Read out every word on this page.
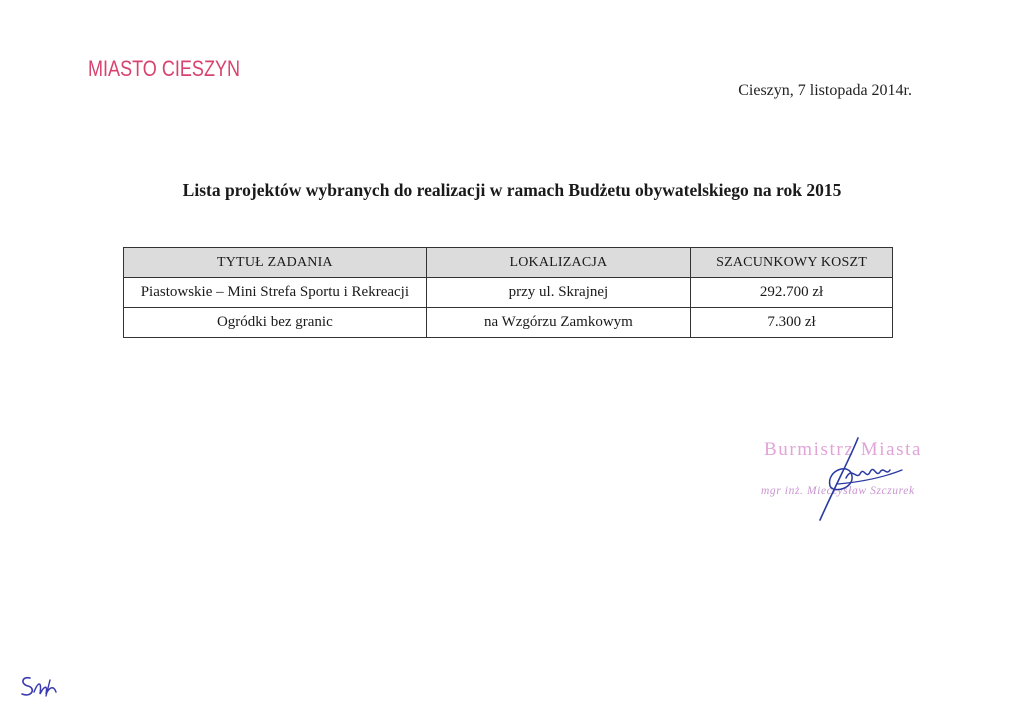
MIASTO CIESZYN
Cieszyn, 7 listopada 2014r.
Lista projektów wybranych do realizacji w ramach Budżetu obywatelskiego na rok 2015
TYTUŁ ZADANIA	LOKALIZACJA	SZACUNKOWY KOSZT
Piastowskie – Mini Strefa Sportu i Rekreacji	przy ul. Skrajnej	292.700 zł
Ogródki bez granic	na Wzgórzu Zamkowym	7.300 zł
Burmistrz Miasta
mgr inż. Mieczysław Szczurek
